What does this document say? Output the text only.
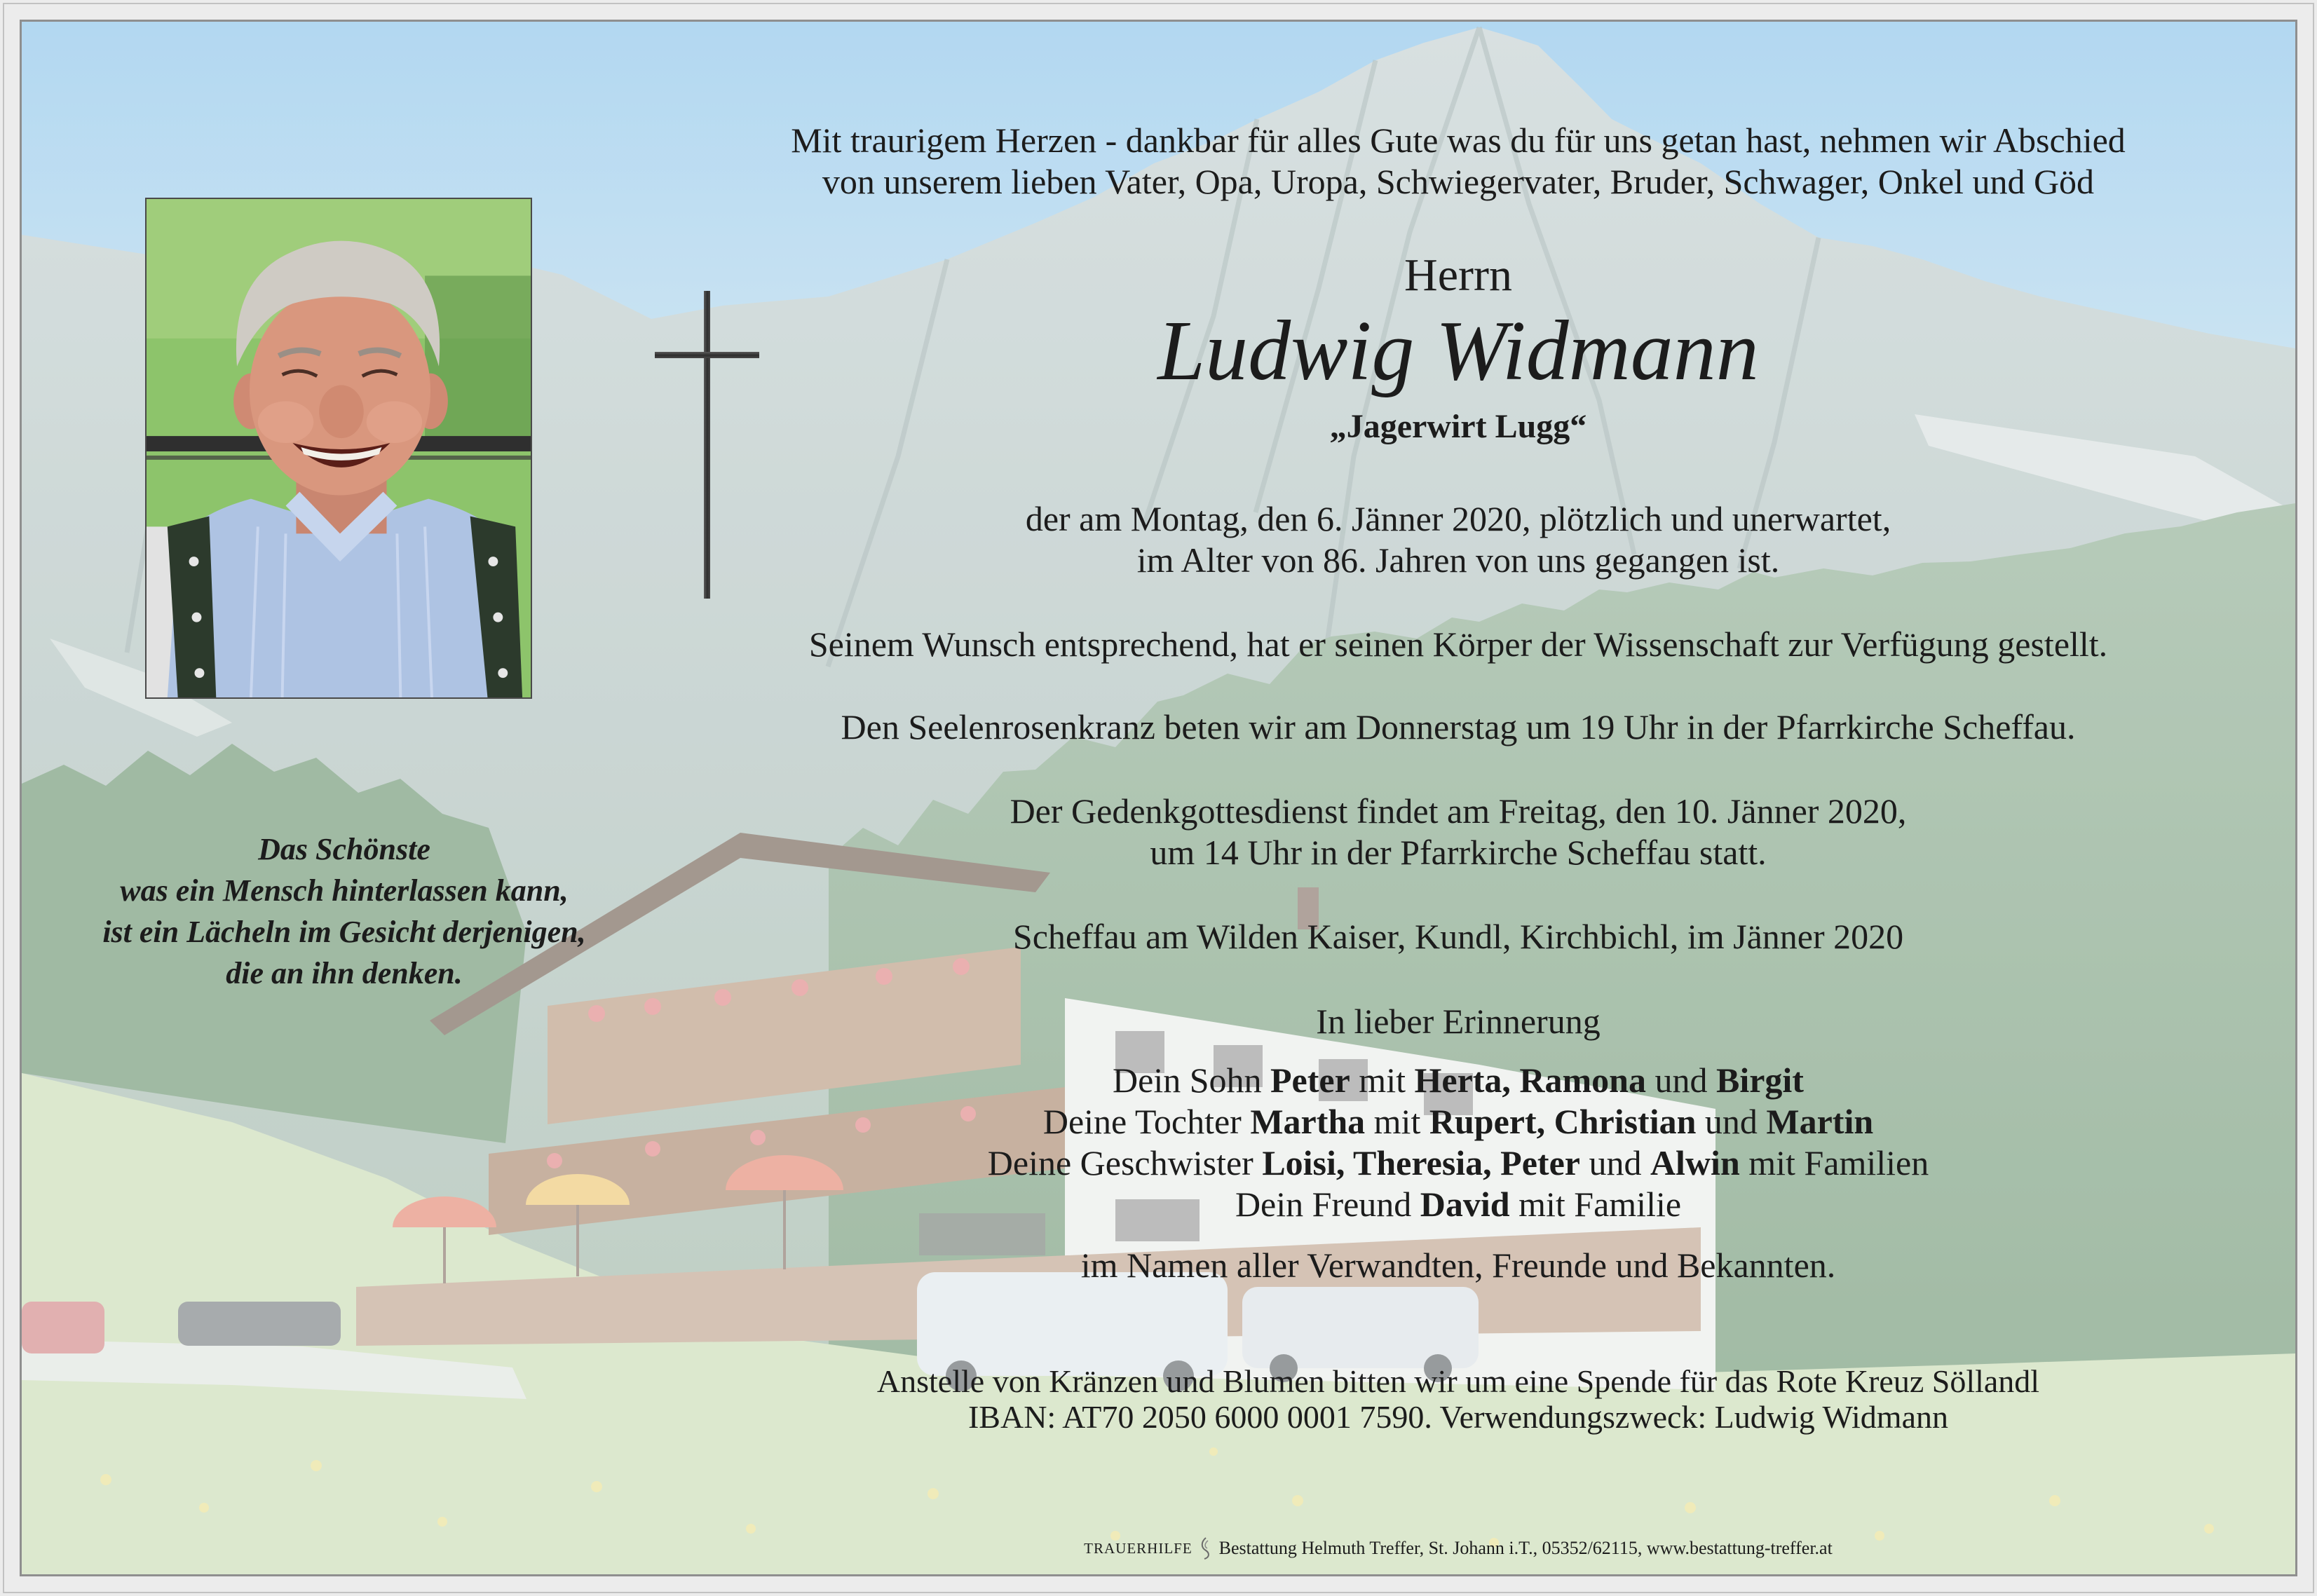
Mit traurigem Herzen - dankbar für alles Gute was du für uns getan hast, nehmen wir Abschied
von unserem lieben Vater, Opa, Uropa, Schwiegervater, Bruder, Schwager, Onkel und Göd
Herrn
Ludwig Widmann
„Jagerwirt Lugg“
der am Montag, den 6. Jänner 2020, plötzlich und unerwartet,
im Alter von 86. Jahren von uns gegangen ist.
Seinem Wunsch entsprechend, hat er seinen Körper der Wissenschaft zur Verfügung gestellt.
Den Seelenrosenkranz beten wir am Donnerstag um 19 Uhr in der Pfarrkirche Scheffau.
Der Gedenkgottesdienst findet am Freitag, den 10. Jänner 2020,
um 14 Uhr in der Pfarrkirche Scheffau statt.
Scheffau am Wilden Kaiser, Kundl, Kirchbichl, im Jänner 2020
In lieber Erinnerung
Dein Sohn Peter mit Herta, Ramona und Birgit
Deine Tochter Martha mit Rupert, Christian und Martin
Deine Geschwister Loisi, Theresia, Peter und Alwin mit Familien
Dein Freund David mit Familie
im Namen aller Verwandten, Freunde und Bekannten.
Anstelle von Kränzen und Blumen bitten wir um eine Spende für das Rote Kreuz Söllandl
IBAN: AT70 2050 6000 0001 7590. Verwendungszweck: Ludwig Widmann
TRAUERHILFE Bestattung Helmuth Treffer, St. Johann i.T., 05352/62115, www.bestattung-treffer.at
Das Schönste
was ein Mensch hinterlassen kann,
ist ein Lächeln im Gesicht derjenigen,
die an ihn denken.
